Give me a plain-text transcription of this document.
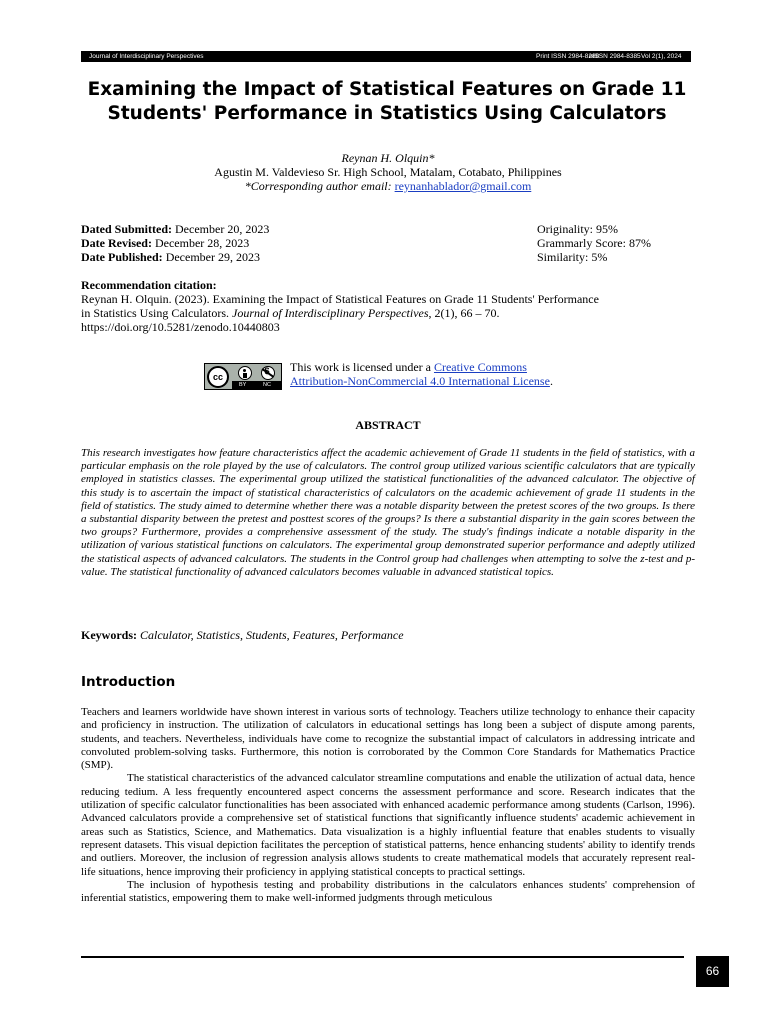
Journal of Interdisciplinary Perspectives	Print ISSN 2984-8288
eISSN 2984-8385 Vol 2(1), 2024
Examining the Impact of Statistical Features on Grade 11 Students' Performance in Statistics Using Calculators
Reynan H. Olquin*
Agustin M. Valdevieso Sr. High School, Matalam, Cotabato, Philippines
*Corresponding author email: reynanhablador@gmail.com
Dated Submitted: December 20, 2023
Date Revised: December 28, 2023
Date Published: December 29, 2023
Originality: 95%
Grammarly Score: 87%
Similarity: 5%
Recommendation citation:
Reynan H. Olquin. (2023). Examining the Impact of Statistical Features on Grade 11 Students' Performance
in Statistics Using Calculators. Journal of Interdisciplinary Perspectives, 2(1), 66 – 70.
https://doi.org/10.5281/zenodo.10440803
cc
$
BY	NC
This work is licensed under a Creative Commons
Attribution-NonCommercial 4.0 International License.
ABSTRACT

This research investigates how feature characteristics affect the academic achievement of Grade 11 students in the field of statistics, with a particular emphasis on the role played by the use of calculators. The control group utilized various scientific calculators that are typically employed in statistics classes. The experimental group utilized the statistical functionalities of the advanced calculator. The objective of this study is to ascertain the impact of statistical characteristics of calculators on the academic achievement of grade 11 students in the field of statistics. The study aimed to determine whether there was a notable disparity between the pretest scores of the two groups. Is there a substantial disparity between the pretest and posttest scores of the groups? Is there a substantial disparity in the gain scores between the two groups? Furthermore, provides a comprehensive assessment of the study. The study's findings indicate a notable disparity in the utilization of various statistical functions on calculators. The experimental group demonstrated superior performance and adeptly utilized the statistical aspects of advanced calculators. The students in the Control group had challenges when attempting to solve the z-test and p-value. The statistical functionality of advanced calculators becomes valuable in advanced statistical topics.

Keywords: Calculator, Statistics, Students, Features, Performance
Introduction

Teachers and learners worldwide have shown interest in various sorts of technology. Teachers utilize technology to enhance their capacity and proficiency in instruction. The utilization of calculators in educational settings has long been a subject of dispute among parents, students, and teachers. Nevertheless, individuals have come to recognize the substantial impact of calculators in addressing intricate and convoluted problem-solving tasks. Furthermore, this notion is corroborated by the Common Core Standards for Mathematics Practice (SMP).

The statistical characteristics of the advanced calculator streamline computations and enable the utilization of actual data, hence reducing tedium. A less frequently encountered aspect concerns the assessment performance and score. Research indicates that the utilization of specific calculator functionalities has been associated with enhanced academic performance among students (Carlson, 1996). Advanced calculators provide a comprehensive set of statistical functions that significantly influence students' academic achievement in areas such as Statistics, Science, and Mathematics. Data visualization is a highly influential feature that enables students to visually represent datasets. This visual depiction facilitates the perception of statistical patterns, hence enhancing students' ability to identify trends and outliers. Moreover, the inclusion of regression analysis allows students to create mathematical models that accurately represent real-life situations, hence improving their proficiency in applying statistical concepts to practical settings.

The inclusion of hypothesis testing and probability distributions in the calculators enhances students' comprehension of inferential statistics, empowering them to make well-informed judgments through meticulous

66
